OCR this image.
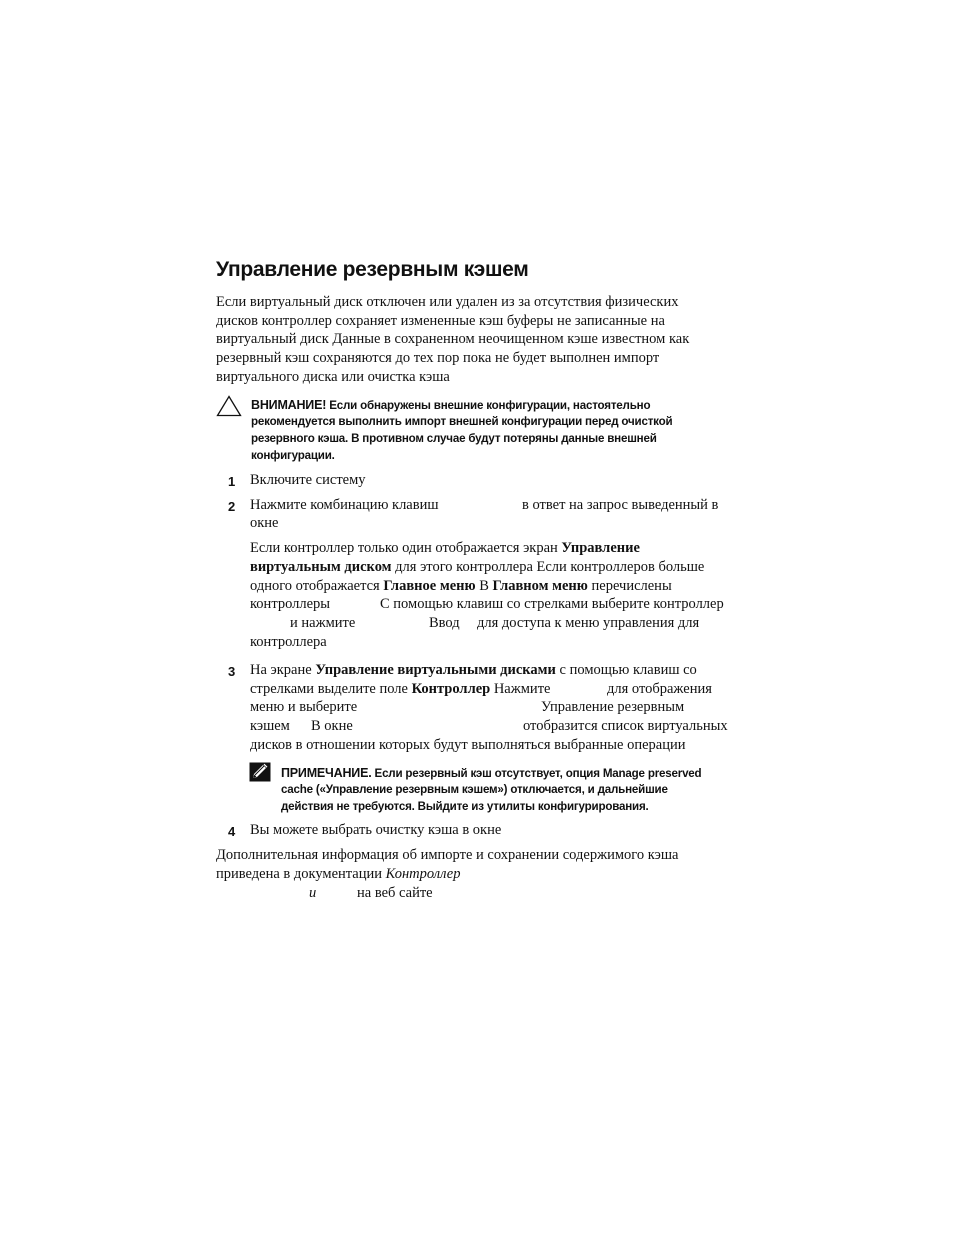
Управление резервным кэшем
Если виртуальный диск отключен или удален из за отсутствия физических
дисков контроллер сохраняет измененные кэш буферы не записанные на
виртуальный диск Данные в сохраненном неочищенном кэше известном как
резервный кэш сохраняются до тех пор пока не будет выполнен импорт
виртуального диска или очистка кэша
ВНИМАНИЕ! Если обнаружены внешние конфигурации, настоятельно
рекомендуется выполнить импорт внешней конфигурации перед очисткой
резервного кэша. В противном случае будут потеряны данные внешней
конфигурации.
1 Включите систему
2 Нажмите комбинацию клавиш	в ответ на запрос выведенный в
окне
Если контроллер только один отображается экран Управление
виртуальным диском для этого контроллера Если контроллеров больше
одного отображается Главное меню В Главном меню перечислены
контроллеры	С помощью клавиш со стрелками выберите контроллер
и нажмите	Ввод для доступа к меню управления для
контроллера
3 На экране Управление виртуальными дисками с помощью клавиш со
стрелками выделите поле Контроллер Нажмите	для отображения
меню и выберите	Управление резервным
кэшем В окне	отобразится список виртуальных
дисков в отношении которых будут выполняться выбранные операции
ПРИМЕЧАНИЕ. Если резервный кэш отсутствует, опция Manage preserved
cache («Управление резервным кэшем») отключается, и дальнейшие
действия не требуются. Выйдите из утилиты конфигурирования.
4 Вы можете выбрать очистку кэша в окне
Дополнительная информация об импорте и сохранении содержимого кэша
приведена в документации Контроллер
и	на веб сайте
